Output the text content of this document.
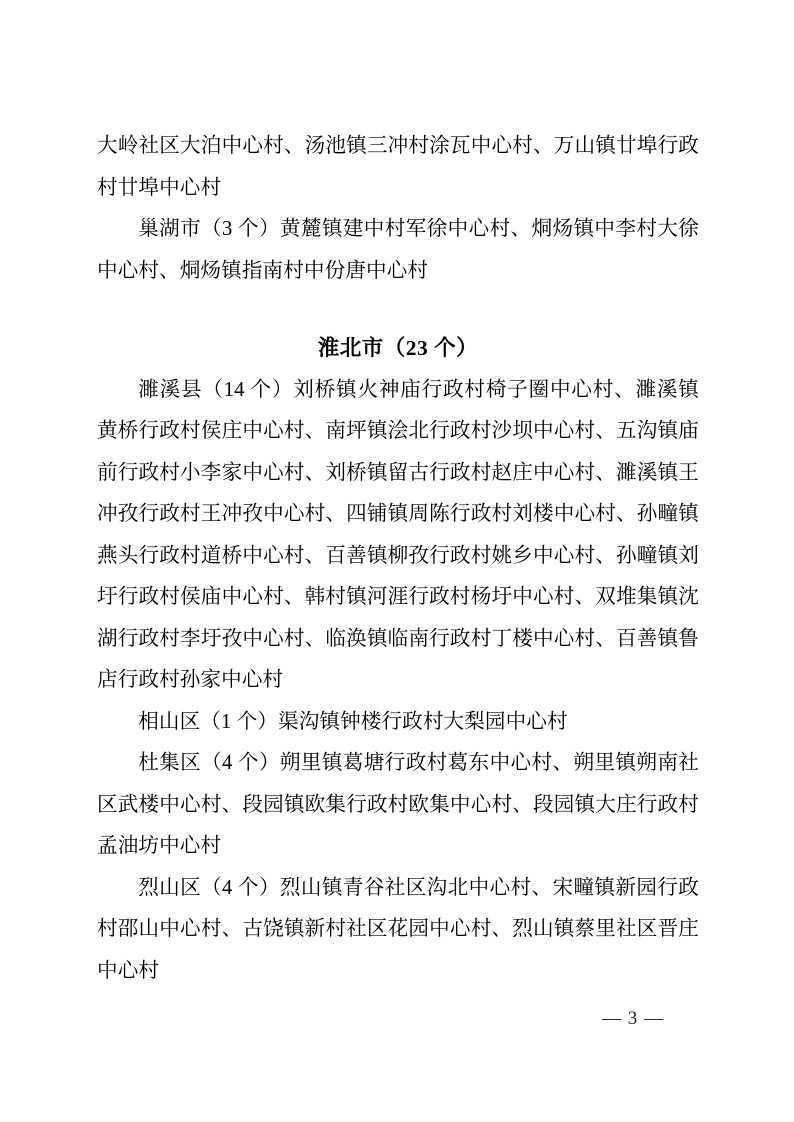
大岭社区大泊中心村、汤池镇三冲村涂瓦中心村、万山镇廿埠行政村廿埠中心村

巢湖市（3 个）黄麓镇建中村军徐中心村、烔炀镇中李村大徐中心村、烔炀镇指南村中份唐中心村

淮北市（23 个）

濉溪县（14 个）刘桥镇火神庙行政村椅子圈中心村、濉溪镇黄桥行政村侯庄中心村、南坪镇浍北行政村沙坝中心村、五沟镇庙前行政村小李家中心村、刘桥镇留古行政村赵庄中心村、濉溪镇王冲孜行政村王冲孜中心村、四铺镇周陈行政村刘楼中心村、孙疃镇燕头行政村道桥中心村、百善镇柳孜行政村姚乡中心村、孙疃镇刘圩行政村侯庙中心村、韩村镇河涯行政村杨圩中心村、双堆集镇沈湖行政村李圩孜中心村、临涣镇临南行政村丁楼中心村、百善镇鲁店行政村孙家中心村

相山区（1 个）渠沟镇钟楼行政村大梨园中心村

杜集区（4 个）朔里镇葛塘行政村葛东中心村、朔里镇朔南社区武楼中心村、段园镇欧集行政村欧集中心村、段园镇大庄行政村孟油坊中心村

烈山区（4 个）烈山镇青谷社区沟北中心村、宋疃镇新园行政村邵山中心村、古饶镇新村社区花园中心村、烈山镇蔡里社区晋庄中心村

— 3 —
